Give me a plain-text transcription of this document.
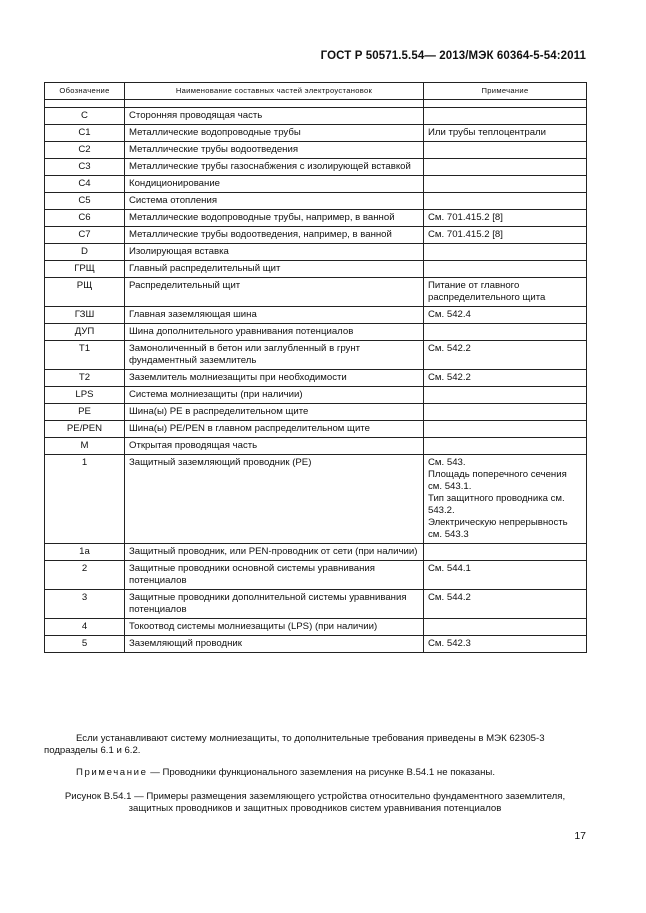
ГОСТ Р 50571.5.54— 2013/МЭК 60364-5-54:2011
Обозначение	Наименование составных частей электроустановок	Примечание

C	Сторонняя проводящая часть	
C1	Металлические водопроводные трубы	Или трубы теплоцентрали
C2	Металлические трубы водоотведения	
C3	Металлические трубы газоснабжения с изолирующей вставкой	
C4	Кондиционирование	
C5	Система отопления	
C6	Металлические водопроводные трубы, например, в ванной	См. 701.415.2 [8]
C7	Металлические трубы водоотведения, например, в ванной	См. 701.415.2 [8]
D	Изолирующая вставка	
ГРЩ	Главный распределительный щит	
РЩ	Распределительный щит	Питание от главного распределительного щита
ГЗШ	Главная заземляющая шина	См. 542.4
ДУП	Шина дополнительного уравнивания потенциалов	
T1	Замоноличенный в бетон или заглубленный в грунт фундаментный заземлитель	См. 542.2
T2	Заземлитель молниезащиты при необходимости	См. 542.2
LPS	Система молниезащиты (при наличии)	
PE	Шина(ы) PE в распределительном щите	
PE/PEN	Шина(ы) PE/PEN в главном распределительном щите	
M	Открытая проводящая часть	
1	Защитный заземляющий проводник (PE)	См. 543.
Площадь поперечного сечения см. 543.1.
Тип защитного проводника см. 543.2.
Электрическую непрерывность см. 543.3
1a	Защитный проводник, или PEN-проводник от сети (при наличии)	
2	Защитные проводники основной системы уравнивания потенциалов	См. 544.1
3	Защитные проводники дополнительной системы уравнивания потенциалов	См. 544.2
4	Токоотвод системы молниезащиты (LPS) (при наличии)	
5	Заземляющий проводник	См. 542.3

Если устанавливают систему молниезащиты, то дополнительные требования приведены в МЭК 62305-3 подразделы 6.1 и 6.2.

Примечание — Проводники функционального заземления на рисунке В.54.1 не показаны.

Рисунок В.54.1 — Примеры размещения заземляющего устройства относительно фундаментного заземлителя, защитных проводников и защитных проводников систем уравнивания потенциалов

17
